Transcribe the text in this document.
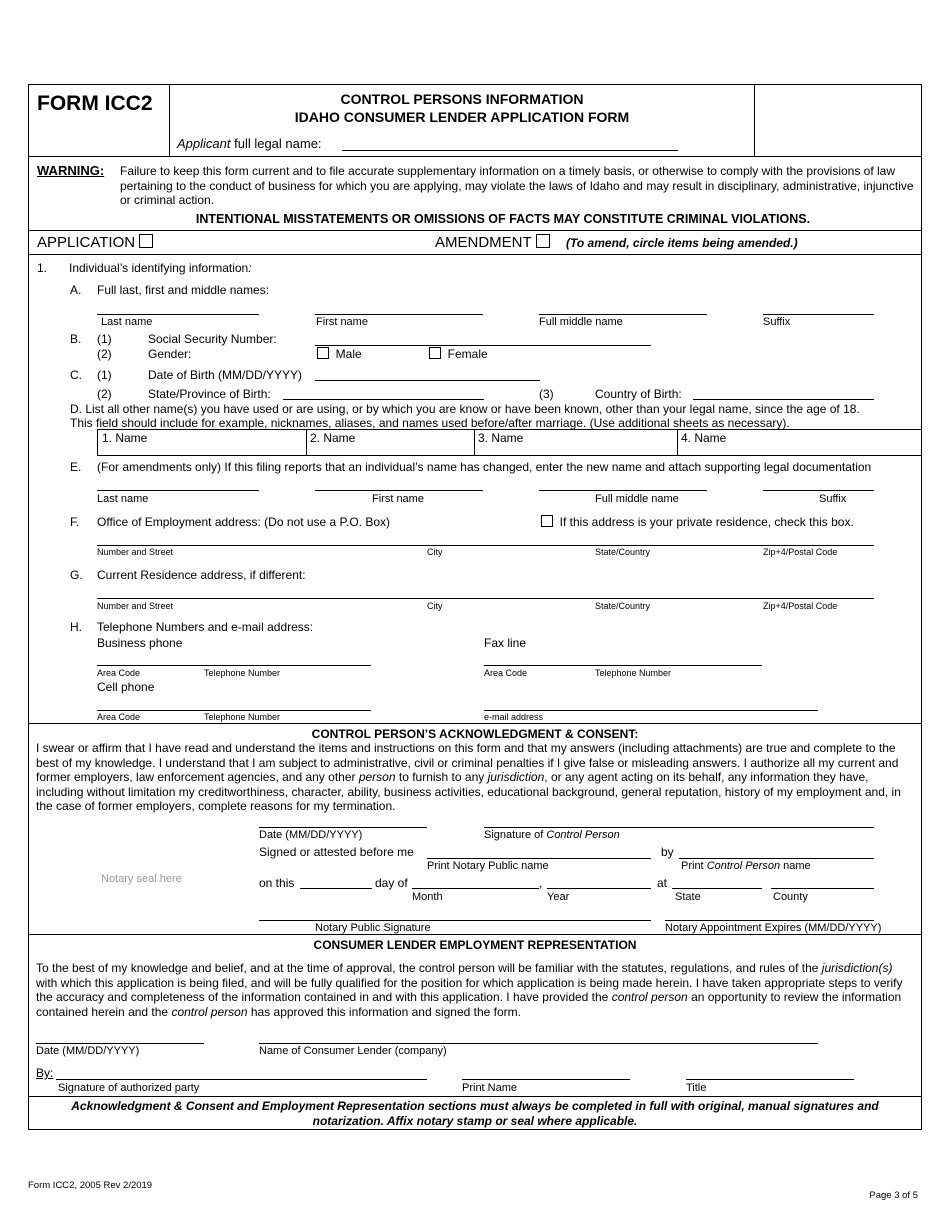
FORM ICC2	CONTROL PERSONS INFORMATION
IDAHO CONSUMER LENDER APPLICATION FORM
Applicant full legal name:
WARNING: Failure to keep this form current and to file accurate supplementary information on a timely basis, or otherwise to comply with the provisions of law pertaining to the conduct of business for which you are applying, may violate the laws of Idaho and may result in disciplinary, administrative, injunctive or criminal action.
INTENTIONAL MISSTATEMENTS OR OMISSIONS OF FACTS MAY CONSTITUTE CRIMINAL VIOLATIONS.
APPLICATION	AMENDMENT	(To amend, circle items being amended.)
1. Individual’s identifying information:
A. Full last, first and middle names:
Last name	First name	Full middle name	Suffix
B. (1)	Social Security Number:
(2)	Gender:	Male	Female
C. (1)	Date of Birth (MM/DD/YYYY)
(2)	State/Province of Birth:	(3)	Country of Birth:
D. List all other name(s) you have used or are using, or by which you are know or have been known, other than your legal name, since the age of 18.
This field should include for example, nicknames, aliases, and names used before/after marriage. (Use additional sheets as necessary).
1. Name	2. Name	3. Name	4. Name
E. (For amendments only) If this filing reports that an individual’s name has changed, enter the new name and attach supporting legal documentation
Last name	First name	Full middle name	Suffix
F. Office of Employment address: (Do not use a P.O. Box)	If this address is your private residence, check this box.
Number and Street	City	State/Country	Zip+4/Postal Code
G. Current Residence address, if different:
Number and Street	City	State/Country	Zip+4/Postal Code
H. Telephone Numbers and e-mail address:
Business phone	Fax line
Area Code	Telephone Number	Area Code	Telephone Number
Cell phone
Area Code	Telephone Number	e-mail address
CONTROL PERSON’S ACKNOWLEDGMENT & CONSENT:
I swear or affirm that I have read and understand the items and instructions on this form and that my answers (including attachments) are true and complete to the best of my knowledge. I understand that I am subject to administrative, civil or criminal penalties if I give false or misleading answers. I authorize all my current and former employers, law enforcement agencies, and any other person to furnish to any jurisdiction, or any agent acting on its behalf, any information they have, including without limitation my creditworthiness, character, ability, business activities, educational background, general reputation, history of my employment and, in the case of former employers, complete reasons for my termination.
Date (MM/DD/YYYY)	Signature of Control Person
Signed or attested before me	by
Print Notary Public name	Print Control Person name
Notary seal here	on this	day of	,	at
Month	Year	State	County
Notary Public Signature	Notary Appointment Expires (MM/DD/YYYY)
CONSUMER LENDER EMPLOYMENT REPRESENTATION
To the best of my knowledge and belief, and at the time of approval, the control person will be familiar with the statutes, regulations, and rules of the jurisdiction(s) with which this application is being filed, and will be fully qualified for the position for which application is being made herein. I have taken appropriate steps to verify the accuracy and completeness of the information contained in and with this application. I have provided the control person an opportunity to review the information contained herein and the control person has approved this information and signed the form.
Date (MM/DD/YYYY)	Name of Consumer Lender (company)
By:
Signature of authorized party	Print Name	Title
Acknowledgment & Consent and Employment Representation sections must always be completed in full with original, manual signatures and notarization. Affix notary stamp or seal where applicable.
Form ICC2, 2005 Rev 2/2019
Page 3 of 5
